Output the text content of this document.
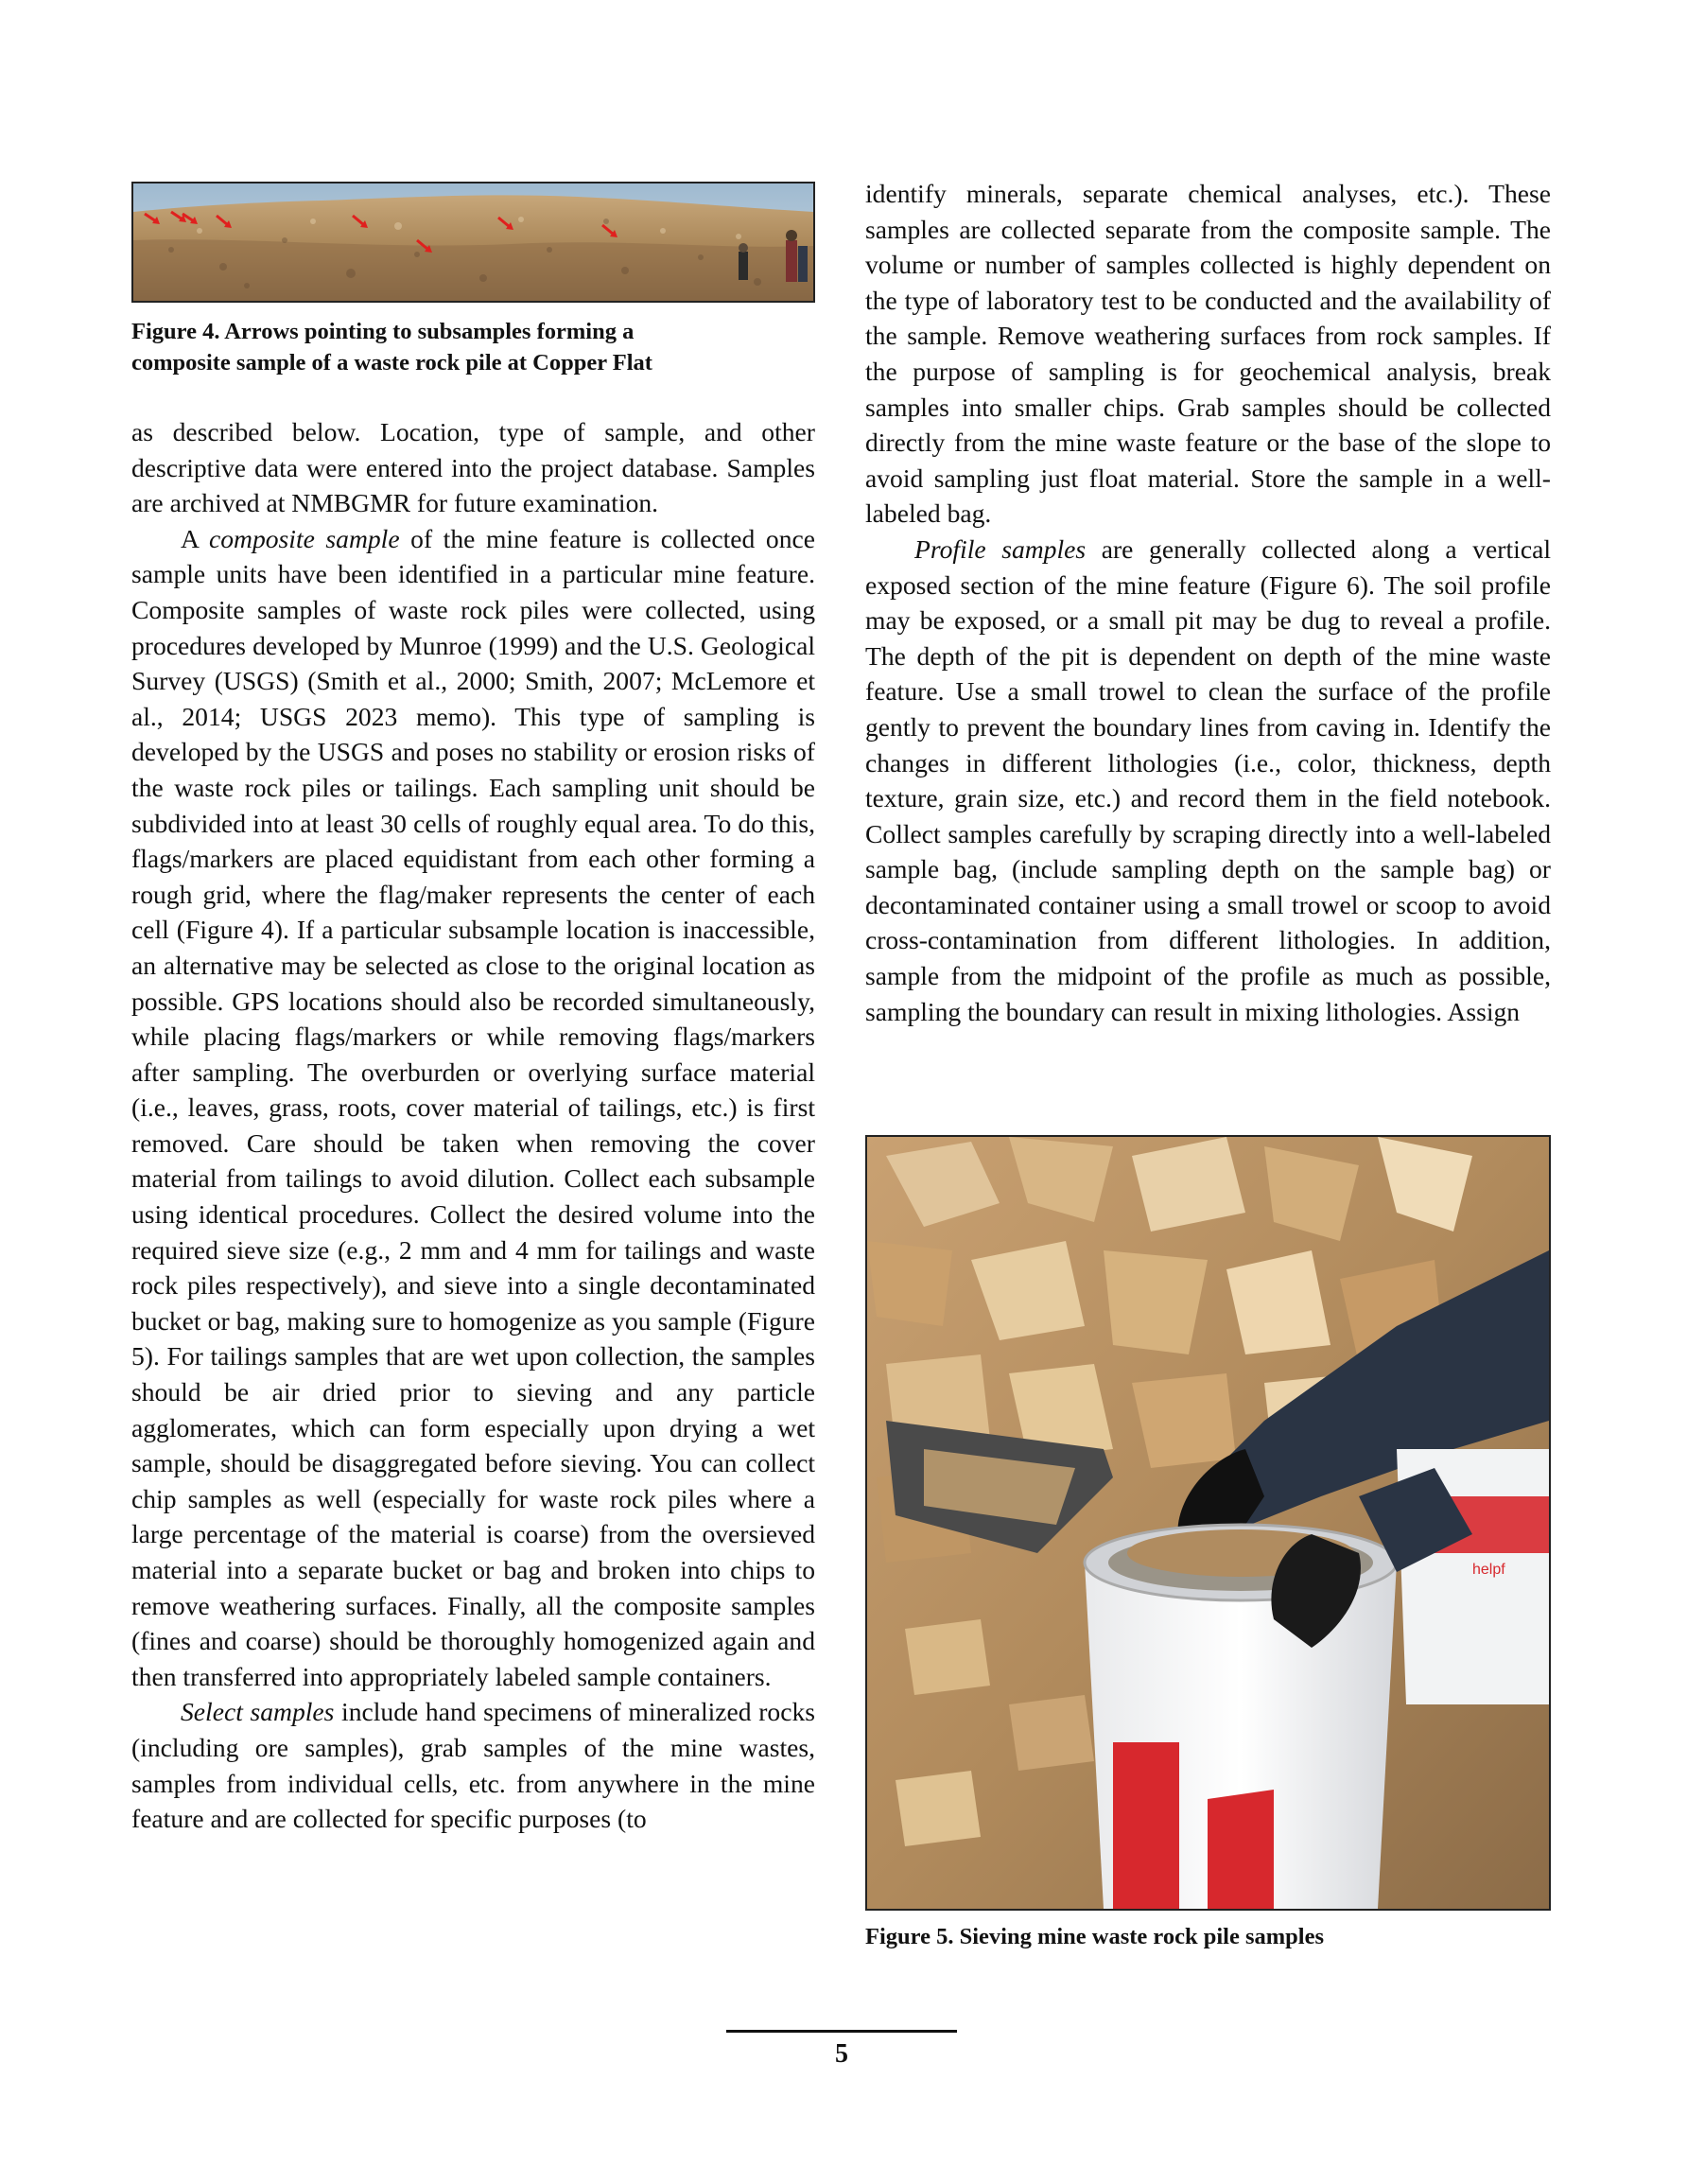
Figure 4. Arrows pointing to subsamples forming a
composite sample of a waste rock pile at Copper Flat

as described below. Location, type of sample, and other descriptive data were entered into the project database. Samples are archived at NMBGMR for future examination.

A composite sample of the mine feature is collected once sample units have been identified in a particular mine feature. Composite samples of waste rock piles were collected, using procedures developed by Munroe (1999) and the U.S. Geological Survey (USGS) (Smith et al., 2000; Smith, 2007; McLemore et al., 2014; USGS 2023 memo). This type of sampling is developed by the USGS and poses no stability or erosion risks of the waste rock piles or tailings. Each sampling unit should be subdivided into at least 30 cells of roughly equal area. To do this, flags/markers are placed equidistant from each other forming a rough grid, where the flag/maker represents the center of each cell (Figure 4). If a particular subsample location is inaccessible, an alternative may be selected as close to the original location as possible. GPS locations should also be recorded simultaneously, while placing flags/markers or while removing flags/markers after sampling. The overburden or overlying surface material (i.e., leaves, grass, roots, cover material of tailings, etc.) is first removed. Care should be taken when removing the cover material from tailings to avoid dilution. Collect each subsample using identical procedures. Collect the desired volume into the required sieve size (e.g., 2 mm and 4 mm for tailings and waste rock piles respectively), and sieve into a single decontaminated bucket or bag, making sure to homogenize as you sample (Figure 5). For tailings samples that are wet upon collection, the samples should be air dried prior to sieving and any particle agglomerates, which can form especially upon drying a wet sample, should be disaggregated before sieving. You can collect chip samples as well (especially for waste rock piles where a large percentage of the material is coarse) from the oversieved material into a separate bucket or bag and broken into chips to remove weathering surfaces. Finally, all the composite samples (fines and coarse) should be thoroughly homogenized again and then transferred into appropriately labeled sample containers.

Select samples include hand specimens of mineralized rocks (including ore samples), grab samples of the mine wastes, samples from individual cells, etc. from anywhere in the mine feature and are collected for specific purposes (to

identify minerals, separate chemical analyses, etc.). These samples are collected separate from the composite sample. The volume or number of samples collected is highly dependent on the type of laboratory test to be conducted and the availability of the sample. Remove weathering surfaces from rock samples. If the purpose of sampling is for geochemical analysis, break samples into smaller chips. Grab samples should be collected directly from the mine waste feature or the base of the slope to avoid sampling just float material. Store the sample in a well-labeled bag.

Profile samples are generally collected along a vertical exposed section of the mine feature (Figure 6). The soil profile may be exposed, or a small pit may be dug to reveal a profile. The depth of the pit is dependent on depth of the mine waste feature. Use a small trowel to clean the surface of the profile gently to prevent the boundary lines from caving in. Identify the changes in different lithologies (i.e., color, thickness, depth texture, grain size, etc.) and record them in the field notebook. Collect samples carefully by scraping directly into a well-labeled sample bag, (include sampling depth on the sample bag) or decontaminated container using a small trowel or scoop to avoid cross-contamination from different lithologies. In addition, sample from the midpoint of the profile as much as possible, sampling the boundary can result in mixing lithologies. Assign

helpf
Figure 5. Sieving mine waste rock pile samples
5
